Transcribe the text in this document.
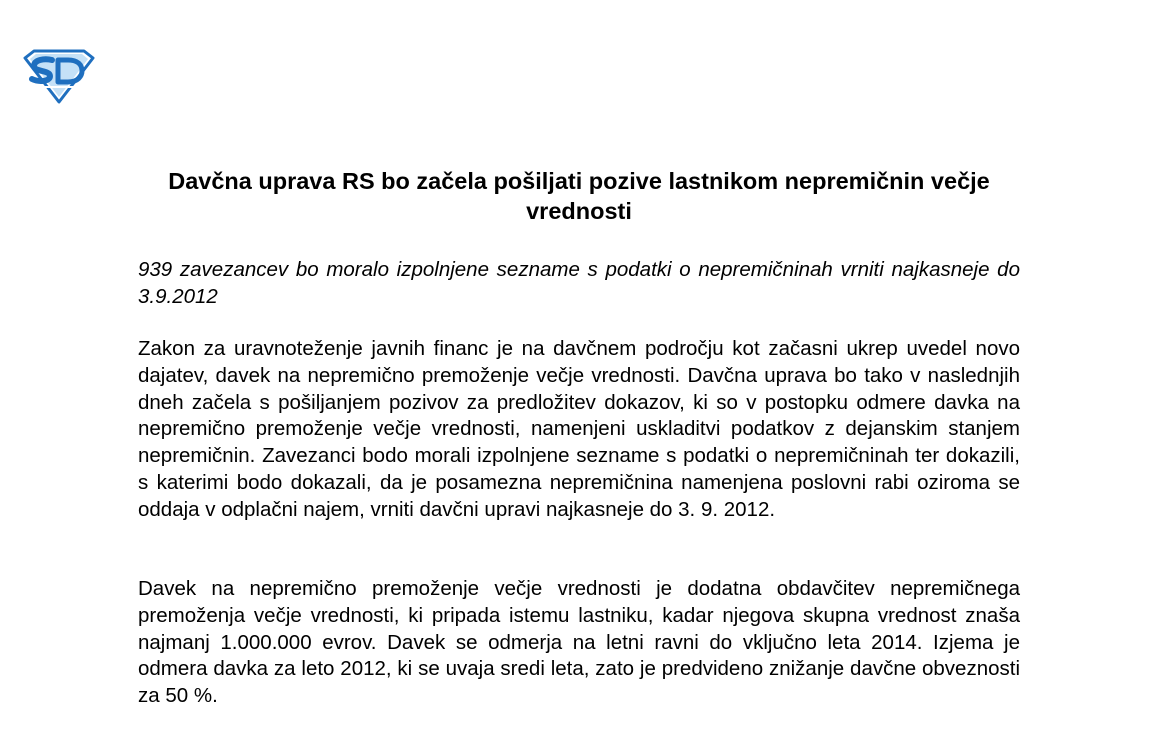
Davčna uprava RS bo začela pošiljati pozive lastnikom nepremičnin večje vrednosti

939 zavezancev bo moralo izpolnjene sezname s podatki o nepremičninah vrniti najkasneje do 3.9.2012

Zakon za uravnoteženje javnih financ je na davčnem področju kot začasni ukrep uvedel novo dajatev, davek na nepremično premoženje večje vrednosti. Davčna uprava bo tako v naslednjih dneh začela s pošiljanjem pozivov za predložitev dokazov, ki so v postopku odmere davka na nepremično premoženje večje vrednosti, namenjeni uskladitvi podatkov z dejanskim stanjem nepremičnin. Zavezanci bodo morali izpolnjene sezname s podatki o nepremičninah ter dokazili, s katerimi bodo dokazali, da je posamezna nepremičnina namenjena poslovni rabi oziroma se oddaja v odplačni najem, vrniti davčni upravi najkasneje do 3. 9. 2012.

Davek na nepremično premoženje večje vrednosti je dodatna obdavčitev nepremičnega premoženja večje vrednosti, ki pripada istemu lastniku, kadar njegova skupna vrednost znaša najmanj 1.000.000 evrov. Davek se odmerja na letni ravni do vključno leta 2014. Izjema je odmera davka za leto 2012, ki se uvaja sredi leta, zato je predvideno znižanje davčne obveznosti za 50 %.
